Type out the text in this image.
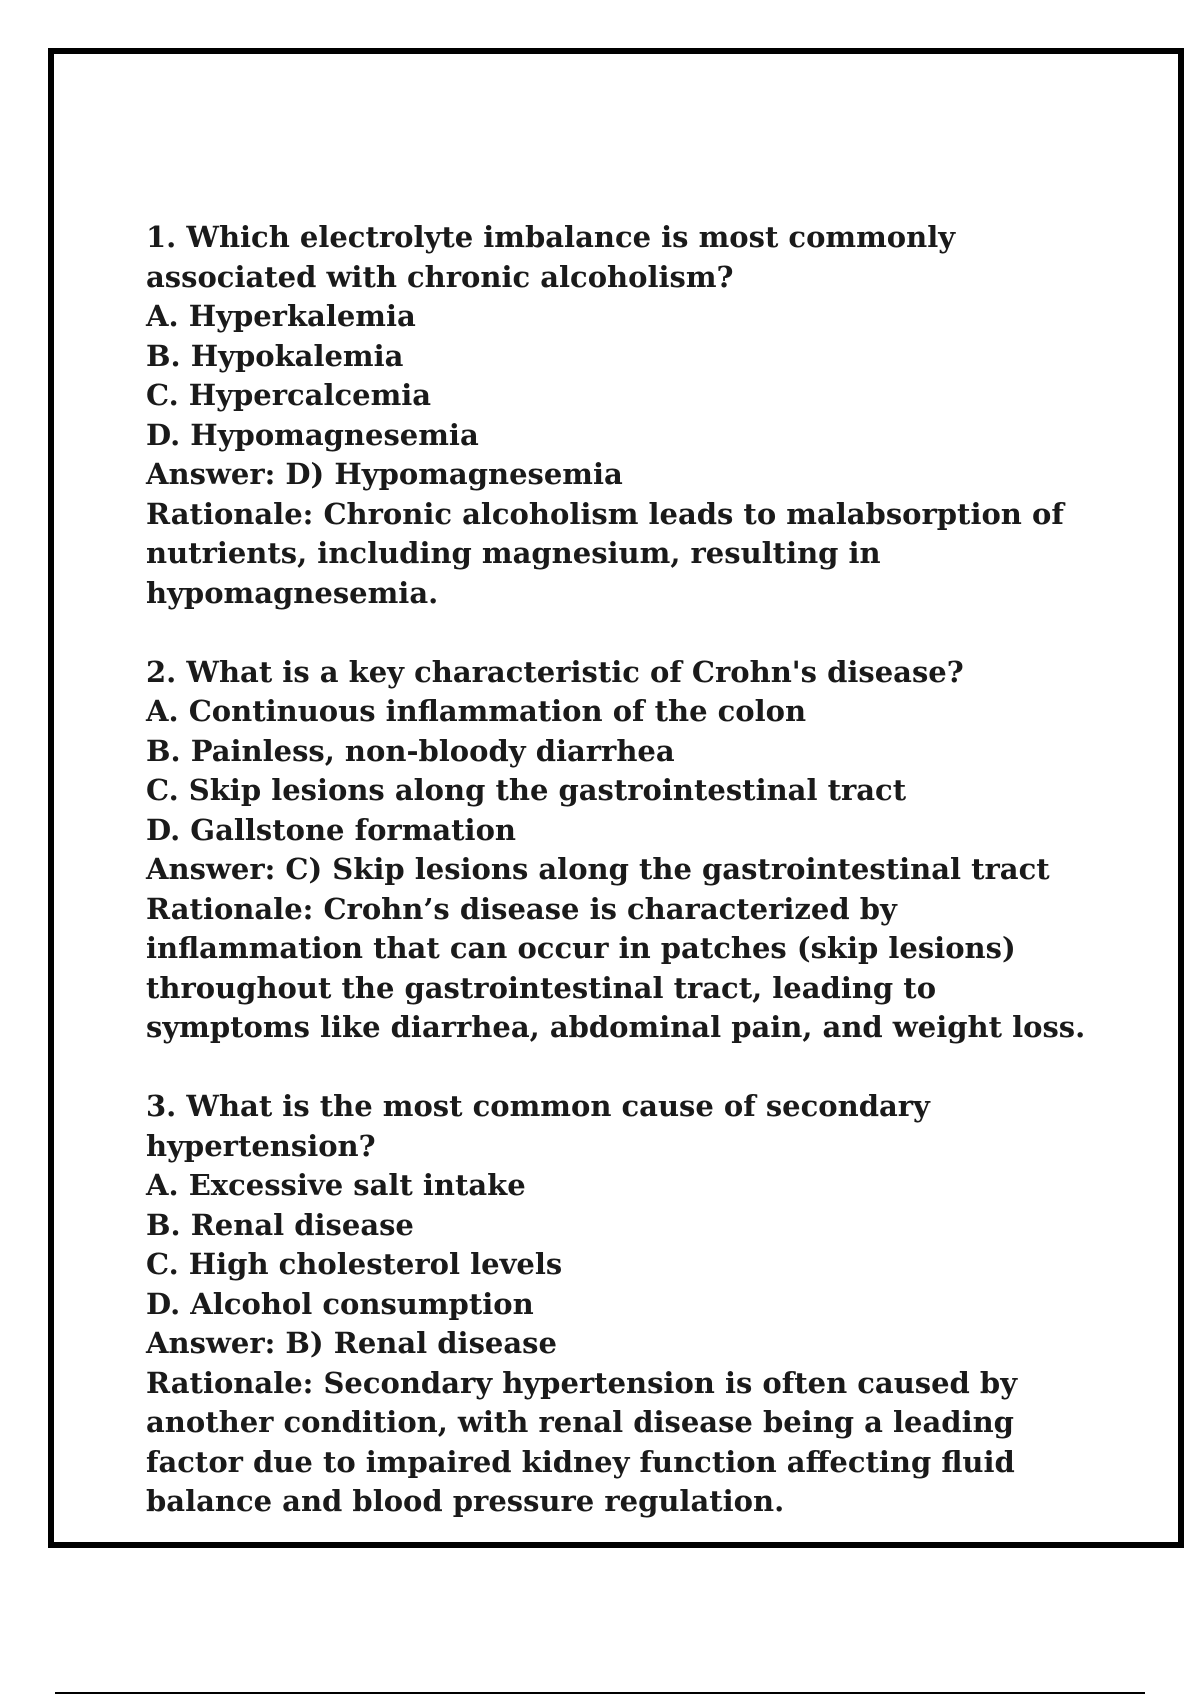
1. Which electrolyte imbalance is most commonly associated with chronic alcoholism?

A. Hyperkalemia

B. Hypokalemia

C. Hypercalcemia

D. Hypomagnesemia

Answer: D) Hypomagnesemia

Rationale: Chronic alcoholism leads to malabsorption of nutrients, including magnesium, resulting in hypomagnesemia.

2. What is a key characteristic of Crohn's disease?

A. Continuous inflammation of the colon

B. Painless, non-bloody diarrhea

C. Skip lesions along the gastrointestinal tract

D. Gallstone formation

Answer: C) Skip lesions along the gastrointestinal tract

Rationale: Crohn’s disease is characterized by inflammation that can occur in patches (skip lesions) throughout the gastrointestinal tract, leading to symptoms like diarrhea, abdominal pain, and weight loss.

3. What is the most common cause of secondary hypertension?

A. Excessive salt intake

B. Renal disease

C. High cholesterol levels

D. Alcohol consumption

Answer: B) Renal disease

Rationale: Secondary hypertension is often caused by another condition, with renal disease being a leading factor due to impaired kidney function affecting fluid balance and blood pressure regulation.
